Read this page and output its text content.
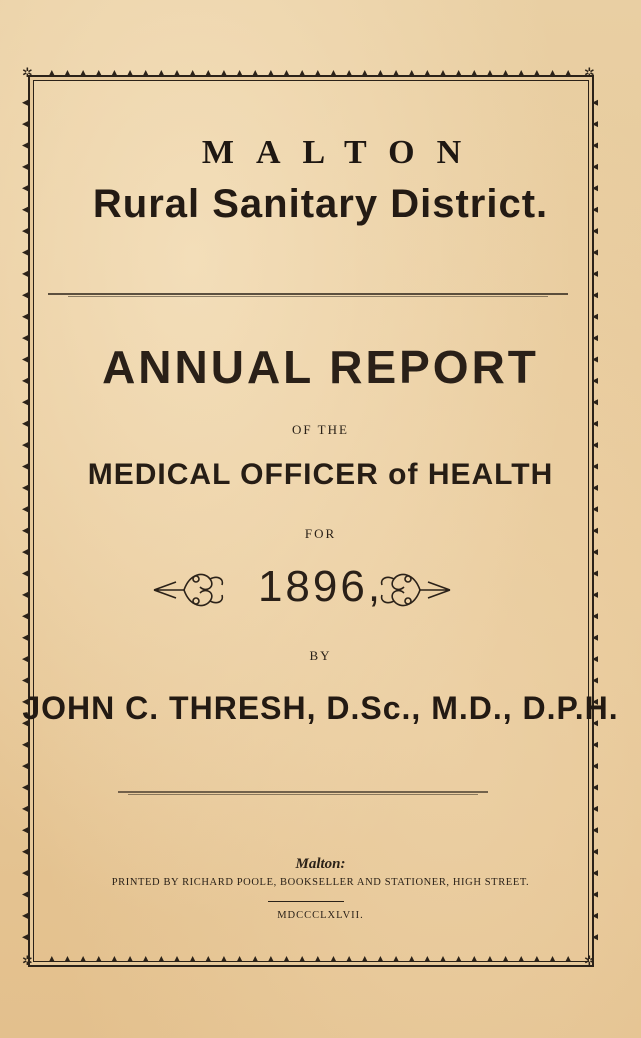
✲	✲
✲	✲
MALTON
Rural Sanitary District.
ANNUAL REPORT
OF THE
MEDICAL OFFICER of HEALTH
FOR
1896,
BY
JOHN C. THRESH, D.Sc., M.D., D.P.H.
Malton:
PRINTED BY RICHARD POOLE, BOOKSELLER AND STATIONER, HIGH STREET.
MDCCCLXLVII.
